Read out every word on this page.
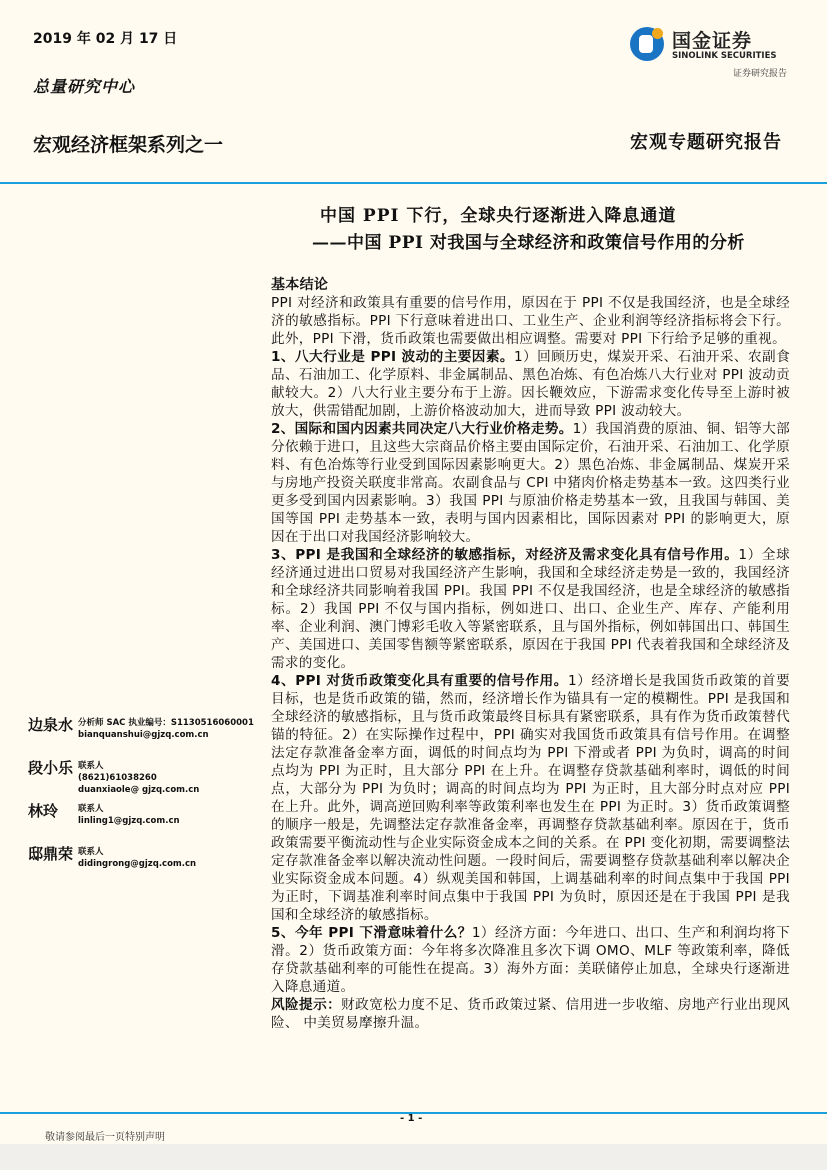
2019 年 02 月 17 日
总量研究中心
宏观经济框架系列之一	宏观专题研究报告
国金证券
SINOLINK SECURITIES
证券研究报告
中国 PPI 下行，全球央行逐渐进入降息通道
——中国 PPI 对我国与全球经济和政策信号作用的分析
基本结论

PPI 对经济和政策具有重要的信号作用，原因在于 PPI 不仅是我国经济，也是全球经济的敏感指标。PPI 下行意味着进出口、工业生产、企业利润等经济指标将会下行。此外，PPI 下滑，货币政策也需要做出相应调整。需要对 PPI 下行给予足够的重视。

1、八大行业是 PPI 波动的主要因素。1）回顾历史，煤炭开采、石油开采、农副食品、石油加工、化学原料、非金属制品、黑色冶炼、有色冶炼八大行业对 PPI 波动贡献较大。2）八大行业主要分布于上游。因长鞭效应，下游需求变化传导至上游时被放大，供需错配加剧，上游价格波动加大，进而导致 PPI 波动较大。

2、国际和国内因素共同决定八大行业价格走势。1）我国消费的原油、铜、铝等大部分依赖于进口，且这些大宗商品价格主要由国际定价，石油开采、石油加工、化学原料、有色冶炼等行业受到国际因素影响更大。2）黑色冶炼、非金属制品、煤炭开采与房地产投资关联度非常高。农副食品与 CPI 中猪肉价格走势基本一致。这四类行业更多受到国内因素影响。3）我国 PPI 与原油价格走势基本一致，且我国与韩国、美国等国 PPI 走势基本一致，表明与国内因素相比，国际因素对 PPI 的影响更大，原因在于出口对我国经济影响较大。

3、PPI 是我国和全球经济的敏感指标，对经济及需求变化具有信号作用。1）全球经济通过进出口贸易对我国经济产生影响，我国和全球经济走势是一致的，我国经济和全球经济共同影响着我国 PPI。我国 PPI 不仅是我国经济，也是全球经济的敏感指标。2）我国 PPI 不仅与国内指标，例如进口、出口、企业生产、库存、产能利用率、企业利润、澳门博彩毛收入等紧密联系，且与国外指标，例如韩国出口、韩国生产、美国进口、美国零售额等紧密联系，原因在于我国 PPI 代表着我国和全球经济及需求的变化。

4、PPI 对货币政策变化具有重要的信号作用。1）经济增长是我国货币政策的首要目标，也是货币政策的锚，然而，经济增长作为锚具有一定的模糊性。PPI 是我国和全球经济的敏感指标，且与货币政策最终目标具有紧密联系，具有作为货币政策替代锚的特征。2）在实际操作过程中，PPI 确实对我国货币政策具有信号作用。在调整法定存款准备金率方面，调低的时间点均为 PPI 下滑或者 PPI 为负时，调高的时间点均为 PPI 为正时，且大部分 PPI 在上升。在调整存贷款基础利率时，调低的时间点，大部分为 PPI 为负时；调高的时间点均为 PPI 为正时，且大部分时点对应 PPI 在上升。此外，调高逆回购利率等政策利率也发生在 PPI 为正时。3）货币政策调整的顺序一般是，先调整法定存款准备金率，再调整存贷款基础利率。原因在于，货币政策需要平衡流动性与企业实际资金成本之间的关系。在 PPI 变化初期，需要调整法定存款准备金率以解决流动性问题。一段时间后，需要调整存贷款基础利率以解决企业实际资金成本问题。4）纵观美国和韩国，上调基础利率的时间点集中于我国 PPI 为正时，下调基准利率时间点集中于我国 PPI 为负时，原因还是在于我国 PPI 是我国和全球经济的敏感指标。

5、今年 PPI 下滑意味着什么？1）经济方面：今年进口、出口、生产和利润均将下滑。2）货币政策方面：今年将多次降准且多次下调 OMO、MLF 等政策利率，降低存贷款基础利率的可能性在提高。3）海外方面：美联储停止加息，全球央行逐渐进入降息通道。

风险提示：财政宽松力度不足、货币政策过紧、信用进一步收缩、房地产行业出现风险、 中美贸易摩擦升温。

边泉水 分析师 SAC 执业编号：S1130516060001
bianquanshui@gjzq.com.cn
段小乐 联系人
(8621)61038260
duanxiaole@ gjzq.com.cn
林玲 联系人
linling1@gjzq.com.cn
邸鼎荣 联系人
didingrong@gjzq.com.cn
- 1 -
敬请参阅最后一页特别声明
